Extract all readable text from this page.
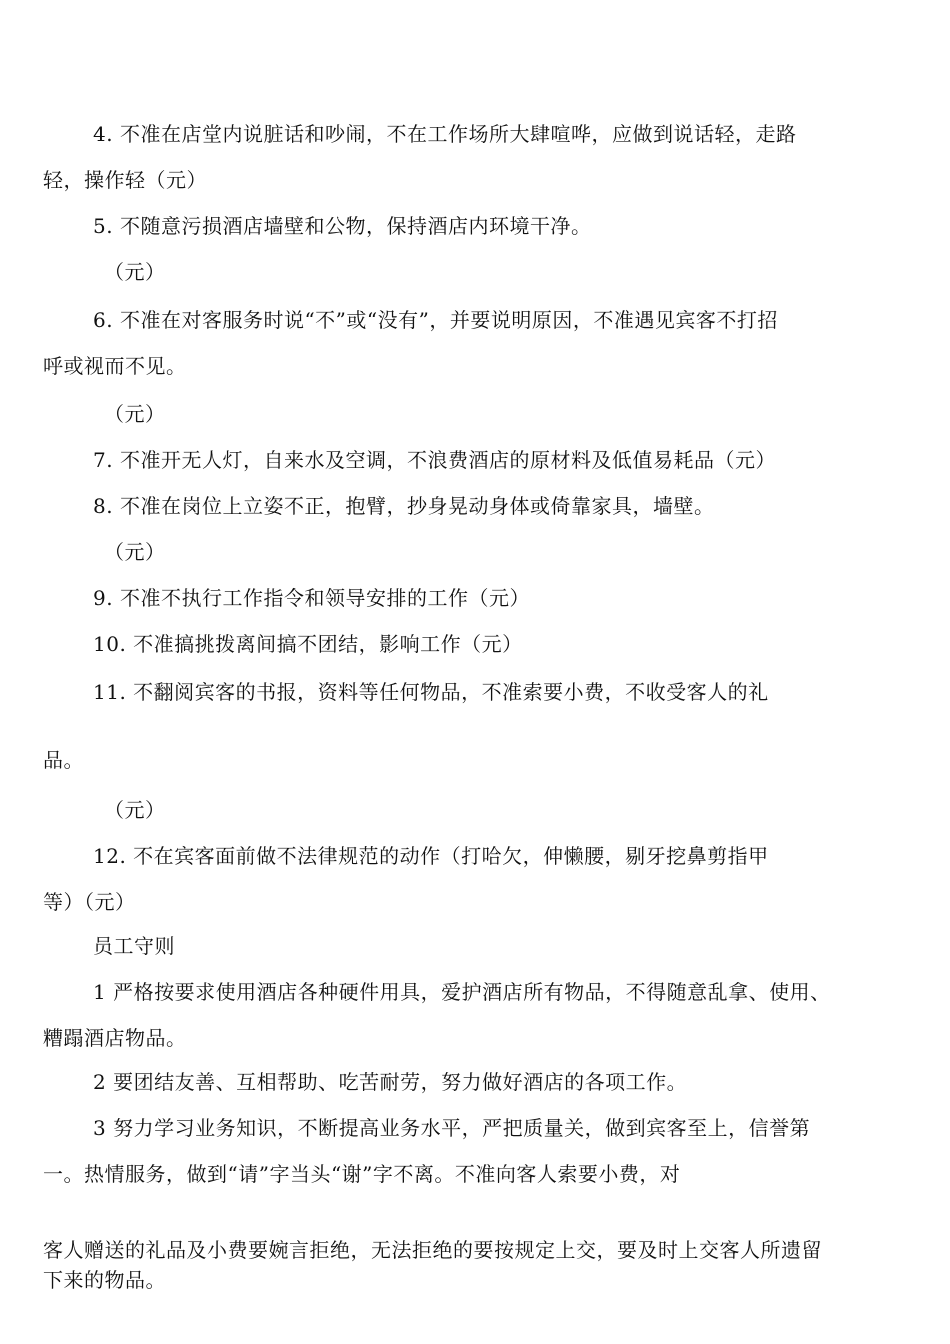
4. 不准在店堂内说脏话和吵闹，不在工作场所大肆喧哗，应做到说话轻，走路
轻，操作轻（元）
5. 不随意污损酒店墙壁和公物，保持酒店内环境干净。
（元）
6. 不准在对客服务时说“不”或“没有”，并要说明原因，不准遇见宾客不打招
呼或视而不见。
（元）
7. 不准开无人灯，自来水及空调，不浪费酒店的原材料及低值易耗品（元）
8. 不准在岗位上立姿不正，抱臂，抄身晃动身体或倚靠家具，墙壁。
（元）
9. 不准不执行工作指令和领导安排的工作（元）
10. 不准搞挑拨离间搞不团结，影响工作（元）
11. 不翻阅宾客的书报，资料等任何物品，不准索要小费，不收受客人的礼
品。
（元）
12. 不在宾客面前做不法律规范的动作（打哈欠，伸懒腰，剔牙挖鼻剪指甲
等）（元）
员工守则
1 严格按要求使用酒店各种硬件用具，爱护酒店所有物品，不得随意乱拿、使用、
糟蹋酒店物品。
2 要团结友善、互相帮助、吃苦耐劳，努力做好酒店的各项工作。
3 努力学习业务知识，不断提高业务水平，严把质量关，做到宾客至上，信誉第
一。热情服务，做到“请”字当头“谢”字不离。不准向客人索要小费，对
客人赠送的礼品及小费要婉言拒绝，无法拒绝的要按规定上交，要及时上交客人所遗留
下来的物品。
